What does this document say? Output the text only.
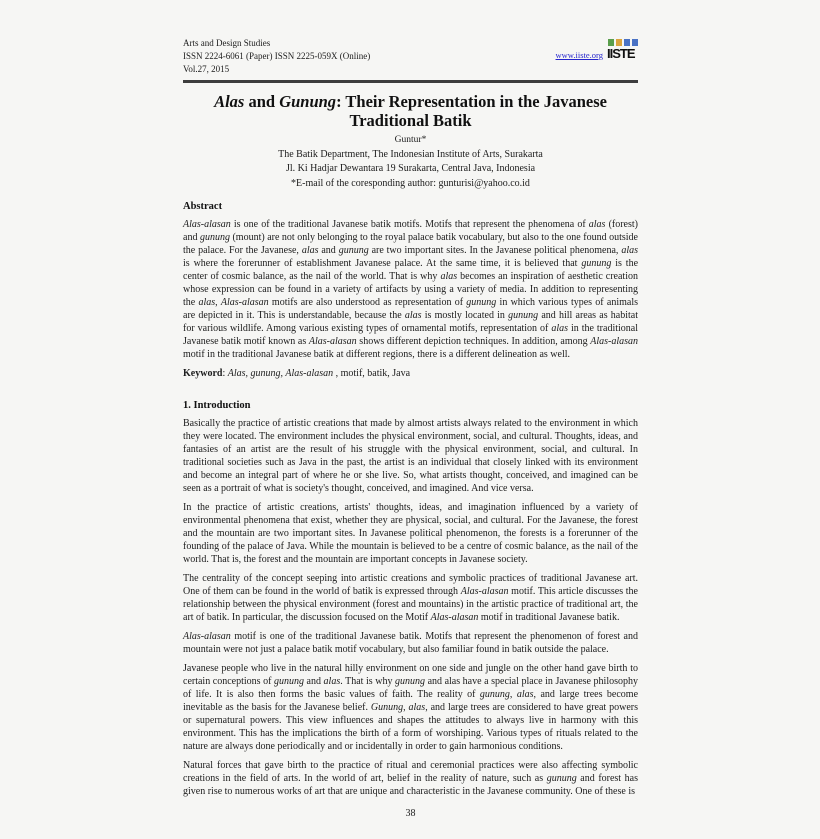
Arts and Design Studies
ISSN 2224-6061 (Paper) ISSN 2225-059X (Online)
Vol.27, 2015
www.iiste.org IISTE
Alas and Gunung: Their Representation in the Javanese Traditional Batik
Guntur*
The Batik Department, The Indonesian Institute of Arts, Surakarta
Jl. Ki Hadjar Dewantara 19 Surakarta, Central Java, Indonesia
*E-mail of the coresponding author: gunturisi@yahoo.co.id
Abstract

Alas-alasan is one of the traditional Javanese batik motifs. Motifs that represent the phenomena of alas (forest) and gunung (mount) are not only belonging to the royal palace batik vocabulary, but also to the one found outside the palace. For the Javanese, alas and gunung are two important sites. In the Javanese political phenomena, alas is where the forerunner of establishment Javanese palace. At the same time, it is believed that gunung is the center of cosmic balance, as the nail of the world. That is why alas becomes an inspiration of aesthetic creation whose expression can be found in a variety of artifacts by using a variety of media. In addition to representing the alas, Alas-alasan motifs are also understood as representation of gunung in which various types of animals are depicted in it. This is understandable, because the alas is mostly located in gunung and hill areas as habitat for various wildlife. Among various existing types of ornamental motifs, representation of alas in the traditional Javanese batik motif known as Alas-alasan shows different depiction techniques. In addition, among Alas-alasan motif in the traditional Javanese batik at different regions, there is a different delineation as well.

Keyword: Alas, gunung, Alas-alasan , motif, batik, Java

1. Introduction

Basically the practice of artistic creations that made by almost artists always related to the environment in which they were located. The environment includes the physical environment, social, and cultural. Thoughts, ideas, and fantasies of an artist are the result of his struggle with the physical environment, social, and cultural. In traditional societies such as Java in the past, the artist is an individual that closely linked with its environment and become an integral part of where he or she live. So, what artists thought, conceived, and imagined can be seen as a portrait of what is society's thought, conceived, and imagined. And vice versa.

In the practice of artistic creations, artists' thoughts, ideas, and imagination influenced by a variety of environmental phenomena that exist, whether they are physical, social, and cultural. For the Javanese, the forest and the mountain are two important sites. In Javanese political phenomenon, the forests is a forerunner of the founding of the palace of Java. While the mountain is believed to be a centre of cosmic balance, as the nail of the world. That is, the forest and the mountain are important concepts in Javanese society.

The centrality of the concept seeping into artistic creations and symbolic practices of traditional Javanese art. One of them can be found in the world of batik is expressed through Alas-alasan motif. This article discusses the relationship between the physical environment (forest and mountains) in the artistic practice of traditional art, the art of batik. In particular, the discussion focused on the Motif Alas-alasan motif in traditional Javanese batik.

Alas-alasan motif is one of the traditional Javanese batik. Motifs that represent the phenomenon of forest and mountain were not just a palace batik motif vocabulary, but also familiar found in batik outside the palace.

Javanese people who live in the natural hilly environment on one side and jungle on the other hand gave birth to certain conceptions of gunung and alas. That is why gunung and alas have a special place in Javanese philosophy of life. It is also then forms the basic values of faith. The reality of gunung, alas, and large trees become inevitable as the basis for the Javanese belief. Gunung, alas, and large trees are considered to have great powers or supernatural powers. This view influences and shapes the attitudes to always live in harmony with this environment. This has the implications the birth of a form of worshiping. Various types of rituals related to the nature are always done periodically and or incidentally in order to gain harmonious conditions.

Natural forces that gave birth to the practice of ritual and ceremonial practices were also affecting symbolic creations in the field of arts. In the world of art, belief in the reality of nature, such as gunung and forest has given rise to numerous works of art that are unique and characteristic in the Javanese community. One of these is

38
